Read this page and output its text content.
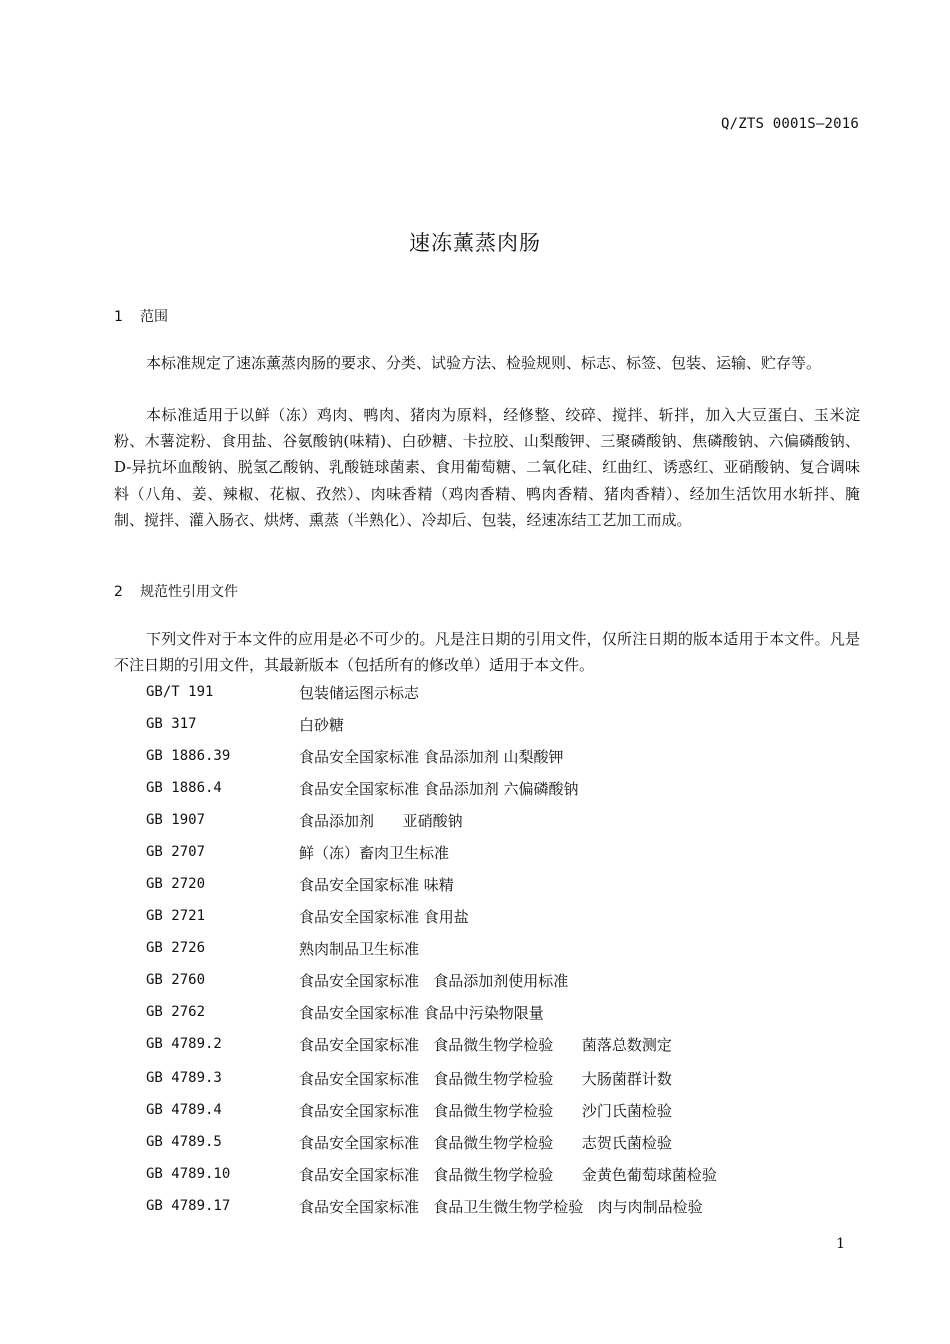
Q/ZTS 0001S—2016
速冻薰蒸肉肠
1 范围

本标准规定了速冻薰蒸肉肠的要求、分类、试验方法、检验规则、标志、标签、包装、运输、贮存等。

本标准适用于以鲜（冻）鸡肉、鸭肉、猪肉为原料，经修整、绞碎、搅拌、斩拌，加入大豆蛋白、玉米淀粉、木薯淀粉、食用盐、谷氨酸钠(味精)、白砂糖、卡拉胶、山梨酸钾、三聚磷酸钠、焦磷酸钠、六偏磷酸钠、D-异抗坏血酸钠、脱氢乙酸钠、乳酸链球菌素、食用葡萄糖、二氧化硅、红曲红、诱惑红、亚硝酸钠、复合调味料（八角、姜、辣椒、花椒、孜然）、肉味香精（鸡肉香精、鸭肉香精、猪肉香精）、经加生活饮用水斩拌、腌制、搅拌、灌入肠衣、烘烤、熏蒸（半熟化）、冷却后、包装，经速冻结工艺加工而成。

2 规范性引用文件

下列文件对于本文件的应用是必不可少的。凡是注日期的引用文件，仅所注日期的版本适用于本文件。凡是不注日期的引用文件，其最新版本（包括所有的修改单）适用于本文件。

GB/T 191	包装储运图示标志
GB 317	白砂糖
GB 1886.39	食品安全国家标准 食品添加剂 山梨酸钾
GB 1886.4	食品安全国家标准 食品添加剂 六偏磷酸钠
GB 1907	食品添加剂      亚硝酸钠
GB 2707	鲜（冻）畜肉卫生标准
GB 2720	食品安全国家标准 味精
GB 2721	食品安全国家标准 食用盐
GB 2726	熟肉制品卫生标准
GB 2760	食品安全国家标准   食品添加剂使用标准
GB 2762	食品安全国家标准 食品中污染物限量
GB 4789.2	食品安全国家标准   食品微生物学检验      菌落总数测定
GB 4789.3	食品安全国家标准   食品微生物学检验      大肠菌群计数
GB 4789.4	食品安全国家标准   食品微生物学检验      沙门氏菌检验
GB 4789.5	食品安全国家标准   食品微生物学检验      志贺氏菌检验
GB 4789.10	食品安全国家标准   食品微生物学检验      金黄色葡萄球菌检验
GB 4789.17	食品安全国家标准   食品卫生微生物学检验   肉与肉制品检验
1
